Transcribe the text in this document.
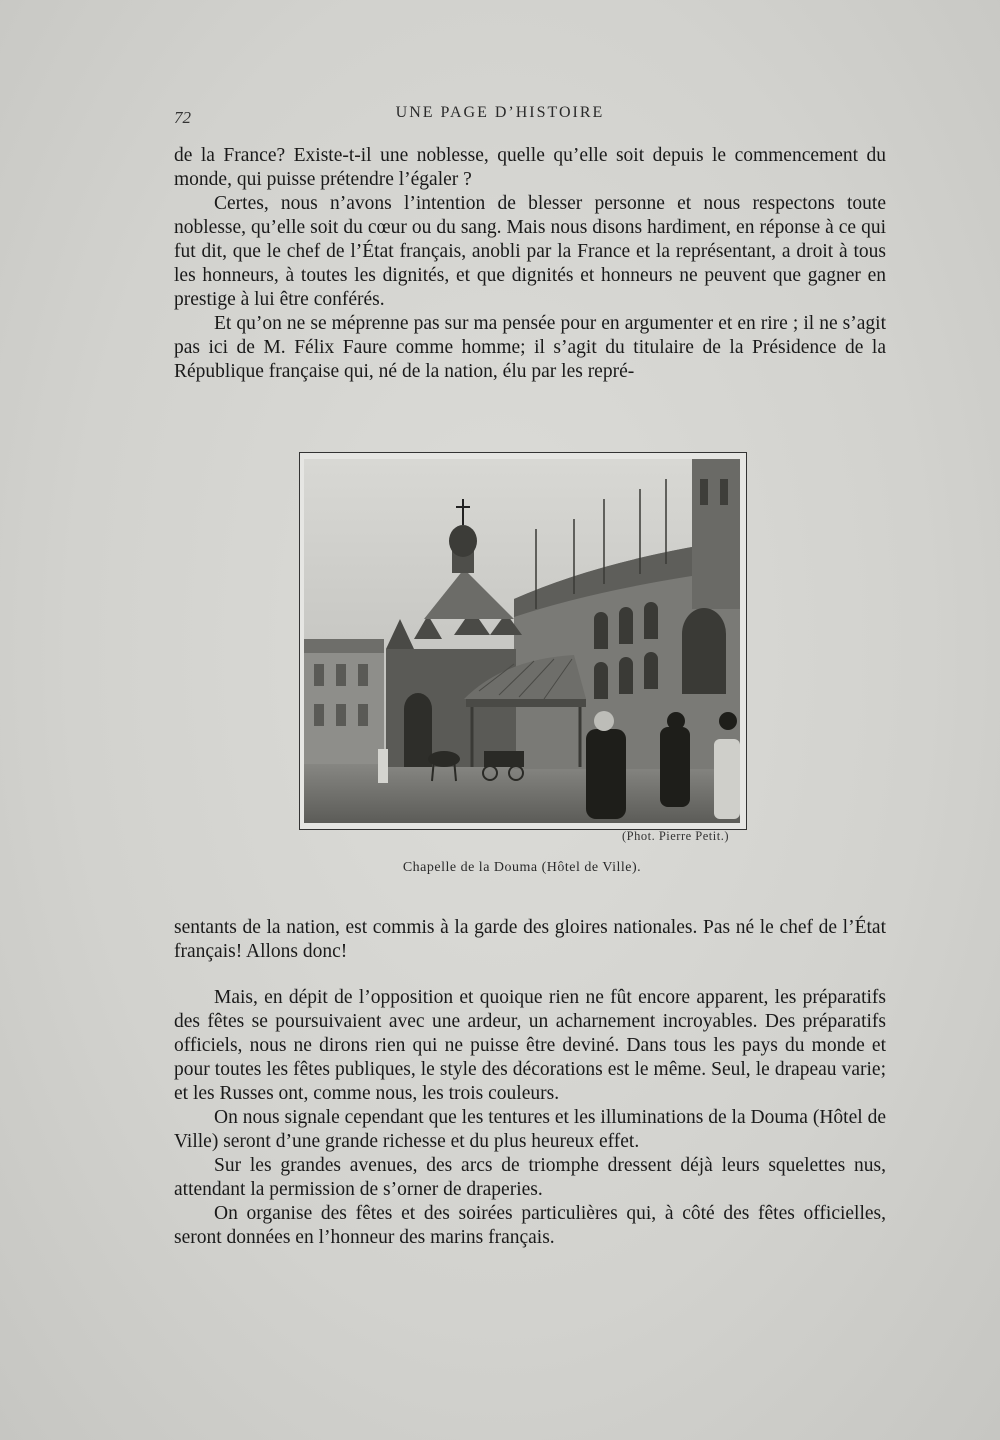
72	UNE PAGE D’HISTOIRE

de la France? Existe-t-il une noblesse, quelle qu’elle soit depuis le commencement du monde, qui puisse prétendre l’égaler ?

Certes, nous n’avons l’intention de blesser personne et nous respectons toute noblesse, qu’elle soit du cœur ou du sang. Mais nous disons hardiment, en réponse à ce qui fut dit, que le chef de l’État français, anobli par la France et la représentant, a droit à tous les honneurs, à toutes les dignités, et que dignités et honneurs ne peuvent que gagner en prestige à lui être conférés.

Et qu’on ne se méprenne pas sur ma pensée pour en argumenter et en rire ; il ne s’agit pas ici de M. Félix Faure comme homme; il s’agit du titulaire de la Présidence de la République française qui, né de la nation, élu par les repré-

(Phot. Pierre Petit.)
Chapelle de la Douma (Hôtel de Ville).

sentants de la nation, est commis à la garde des gloires nationales. Pas né le chef de l’État français! Allons donc!

Mais, en dépit de l’opposition et quoique rien ne fût encore apparent, les préparatifs des fêtes se poursuivaient avec une ardeur, un acharnement incroyables. Des préparatifs officiels, nous ne dirons rien qui ne puisse être deviné. Dans tous les pays du monde et pour toutes les fêtes publiques, le style des décorations est le même. Seul, le drapeau varie; et les Russes ont, comme nous, les trois couleurs.

On nous signale cependant que les tentures et les illuminations de la Douma (Hôtel de Ville) seront d’une grande richesse et du plus heureux effet.

Sur les grandes avenues, des arcs de triomphe dressent déjà leurs squelettes nus, attendant la permission de s’orner de draperies.

On organise des fêtes et des soirées particulières qui, à côté des fêtes officielles, seront données en l’honneur des marins français.
